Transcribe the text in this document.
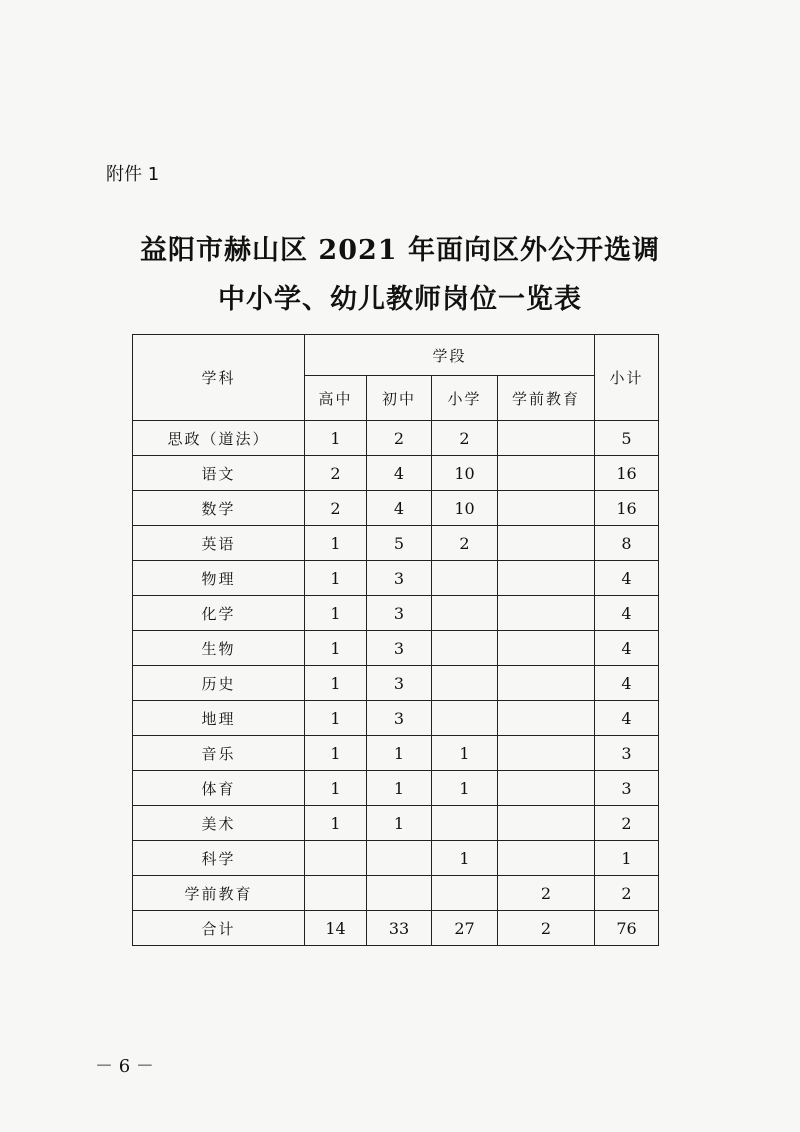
附件 1
益阳市赫山区 2021 年面向区外公开选调
中小学、幼儿教师岗位一览表
学科	学段				小计
	高中	初中	小学	学前教育	
思政（道法）	1	2	2		5
语文	2	4	10		16
数学	2	4	10		16
英语	1	5	2		8
物理	1	3			4
化学	1	3			4
生物	1	3			4
历史	1	3			4
地理	1	3			4
音乐	1	1	1		3
体育	1	1	1		3
美术	1	1			2
科学			1		1
学前教育				2	2
合计	14	33	27	2	76
－ 6 －
